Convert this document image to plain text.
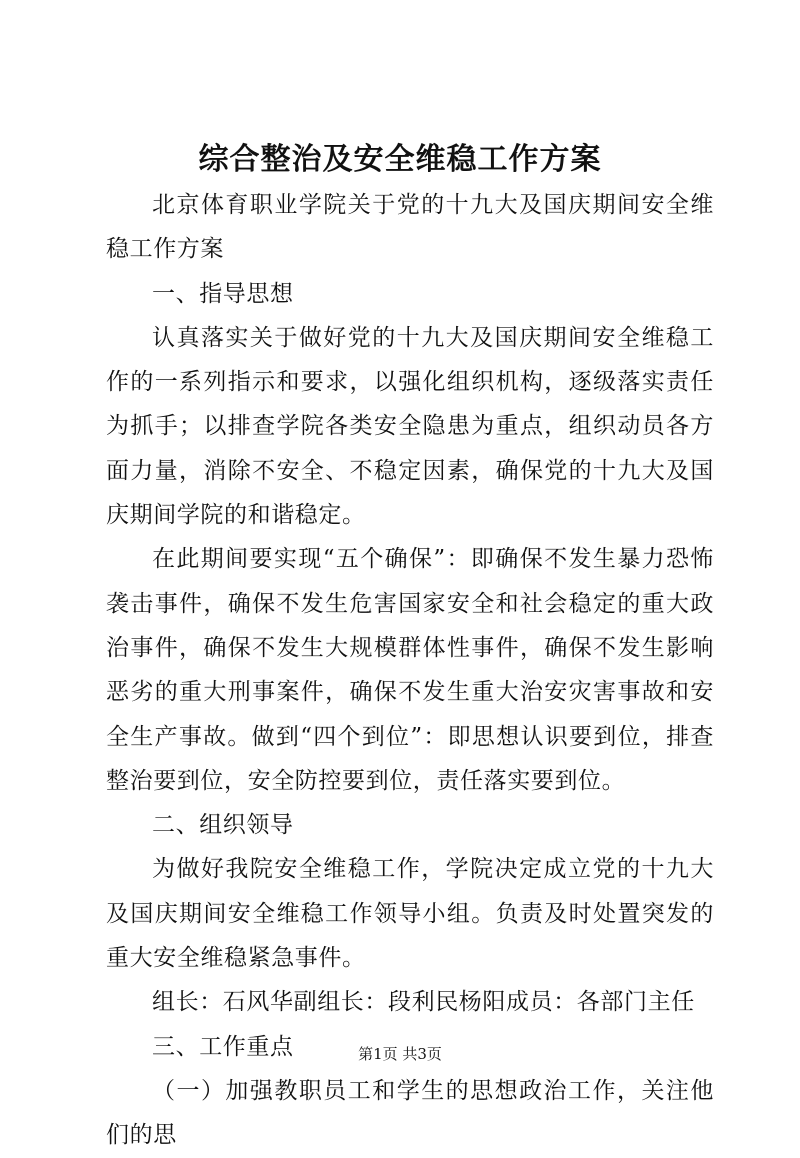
综合整治及安全维稳工作方案

北京体育职业学院关于党的十九大及国庆期间安全维稳工作方案

一、指导思想

认真落实关于做好党的十九大及国庆期间安全维稳工作的一系列指示和要求，以强化组织机构，逐级落实责任为抓手；以排查学院各类安全隐患为重点，组织动员各方面力量，消除不安全、不稳定因素，确保党的十九大及国庆期间学院的和谐稳定。

在此期间要实现“五个确保”：即确保不发生暴力恐怖袭击事件，确保不发生危害国家安全和社会稳定的重大政治事件，确保不发生大规模群体性事件，确保不发生影响恶劣的重大刑事案件，确保不发生重大治安灾害事故和安全生产事故。做到“四个到位”：即思想认识要到位，排查整治要到位，安全防控要到位，责任落实要到位。

二、组织领导

为做好我院安全维稳工作，学院决定成立党的十九大及国庆期间安全维稳工作领导小组。负责及时处置突发的重大安全维稳紧急事件。

组长：石风华副组长：段利民杨阳成员：各部门主任

三、工作重点

（一）加强教职员工和学生的思想政治工作，关注他们的思

第1页 共3页
